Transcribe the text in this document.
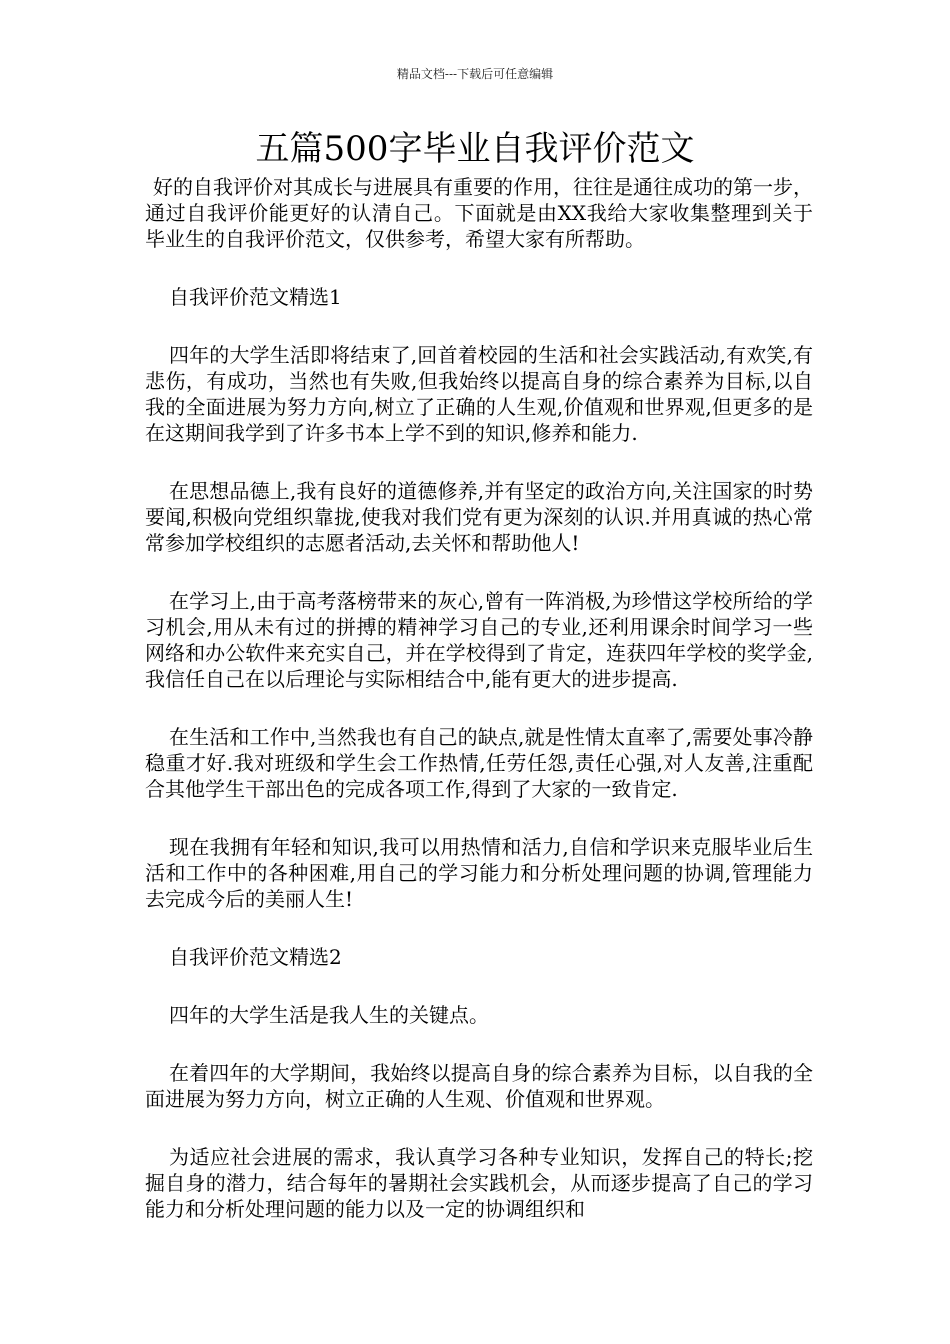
精品文档---下载后可任意编辑
五篇500字毕业自我评价范文

好的自我评价对其成长与进展具有重要的作用，往往是通往成功的第一步，通过自我评价能更好的认清自己。下面就是由XX我给大家收集整理到关于毕业生的自我评价范文，仅供参考，希望大家有所帮助。

自我评价范文精选1

四年的大学生活即将结束了,回首着校园的生活和社会实践活动,有欢笑,有悲伤，有成功，当然也有失败,但我始终以提高自身的综合素养为目标,以自我的全面进展为努力方向,树立了正确的人生观,价值观和世界观,但更多的是在这期间我学到了许多书本上学不到的知识,修养和能力.

在思想品德上,我有良好的道德修养,并有坚定的政治方向,关注国家的时势要闻,积极向党组织靠拢,使我对我们党有更为深刻的认识.并用真诚的热心常常参加学校组织的志愿者活动,去关怀和帮助他人!

在学习上,由于高考落榜带来的灰心,曾有一阵消极,为珍惜这学校所给的学习机会,用从未有过的拼搏的精神学习自己的专业,还利用课余时间学习一些网络和办公软件来充实自己，并在学校得到了肯定，连获四年学校的奖学金,我信任自己在以后理论与实际相结合中,能有更大的进步提高.

在生活和工作中,当然我也有自己的缺点,就是性情太直率了,需要处事冷静稳重才好.我对班级和学生会工作热情,任劳任怨,责任心强,对人友善,注重配合其他学生干部出色的完成各项工作,得到了大家的一致肯定.

现在我拥有年轻和知识,我可以用热情和活力,自信和学识来克服毕业后生活和工作中的各种困难,用自己的学习能力和分析处理问题的协调,管理能力去完成今后的美丽人生!

自我评价范文精选2

四年的大学生活是我人生的关键点。

在着四年的大学期间，我始终以提高自身的综合素养为目标，以自我的全面进展为努力方向，树立正确的人生观、价值观和世界观。

为适应社会进展的需求，我认真学习各种专业知识，发挥自己的特长;挖掘自身的潜力，结合每年的暑期社会实践机会，从而逐步提高了自己的学习能力和分析处理问题的能力以及一定的协调组织和
